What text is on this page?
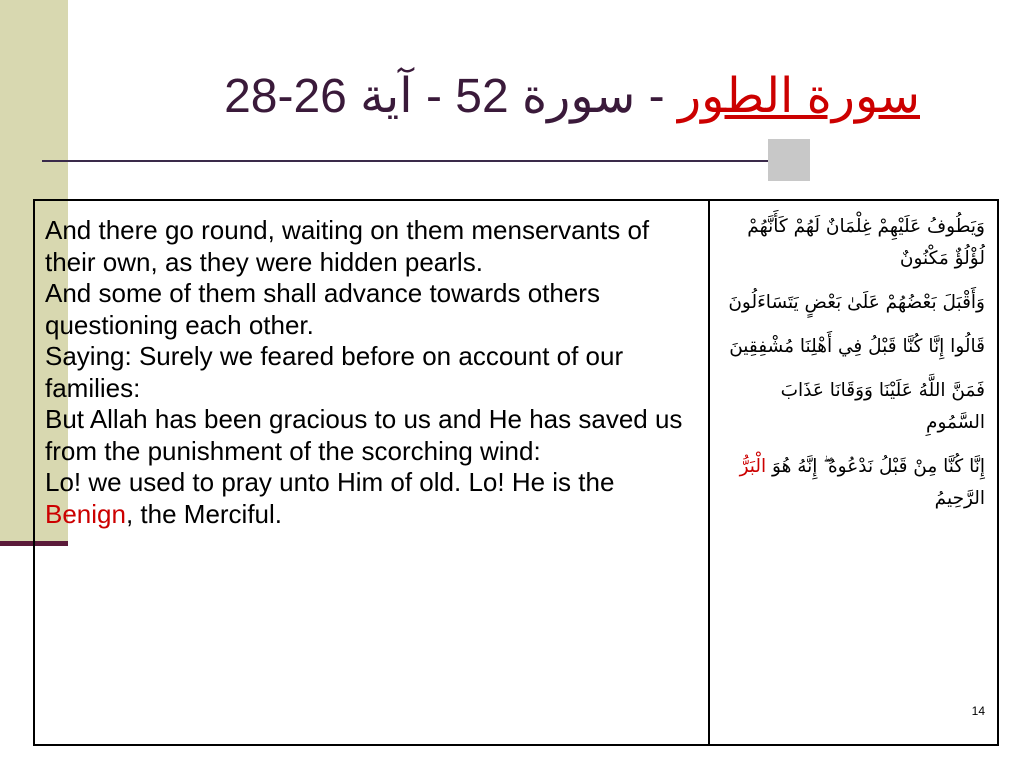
آية 26-28 - سورة 52 - سورة الطور

And there go round, waiting on them menservants of their own, as they were hidden pearls.

And some of them shall advance towards others questioning each other.

Saying: Surely we feared before on account of our families:

But Allah has been gracious to us and He has saved us from the punishment of the scorching wind:

Lo! we used to pray unto Him of old. Lo! He is the Benign, the Merciful.

وَيَطُوفُ عَلَيْهِمْ غِلْمَانٌ لَهُمْ كَأَنَّهُمْ لُؤْلُؤٌ مَكْنُونٌ

وَأَقْبَلَ بَعْضُهُمْ عَلَىٰ بَعْضٍ يَتَسَاءَلُونَ

قَالُوا إِنَّا كُنَّا قَبْلُ فِي أَهْلِنَا مُشْفِقِينَ

فَمَنَّ اللَّهُ عَلَيْنَا وَوَقَانَا عَذَابَ السَّمُومِ

إِنَّا كُنَّا مِنْ قَبْلُ نَدْعُوهُ ۖ إِنَّهُ هُوَ الْبَرُّ الرَّحِيمُ

14
